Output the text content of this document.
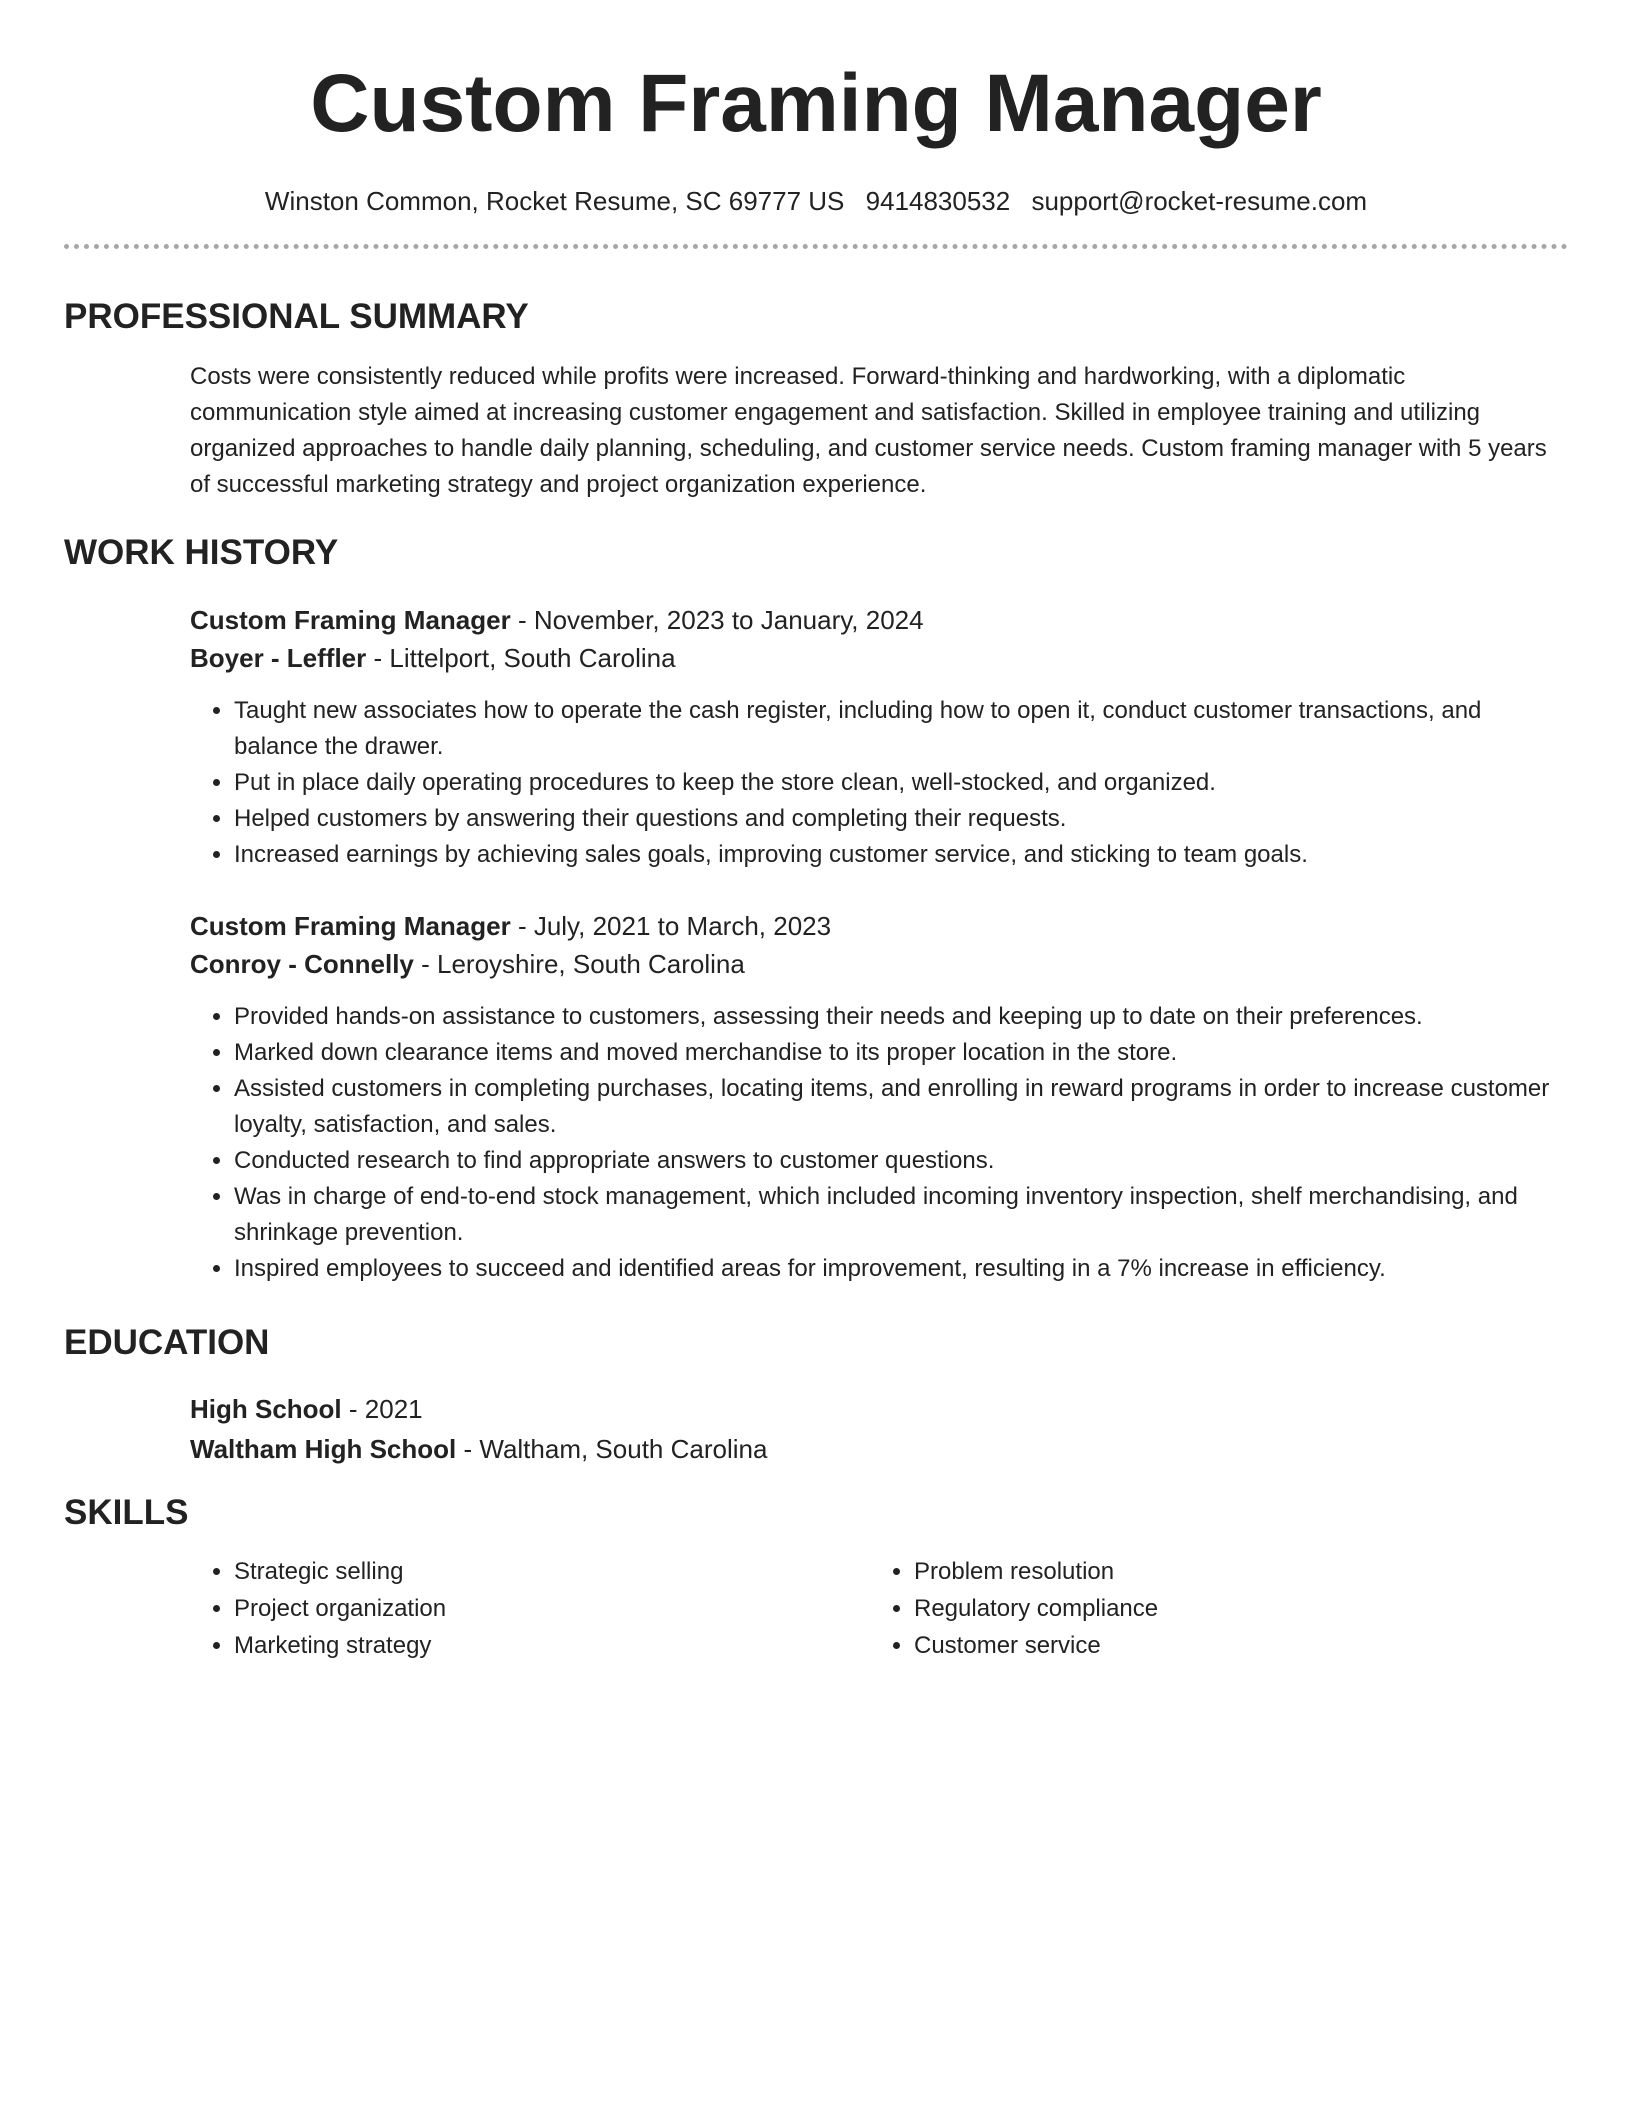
Custom Framing Manager
Winston Common, Rocket Resume, SC 69777 US 9414830532 support@rocket-resume.com
PROFESSIONAL SUMMARY
Costs were consistently reduced while profits were increased. Forward-thinking and hardworking, with a diplomatic communication style aimed at increasing customer engagement and satisfaction. Skilled in employee training and utilizing organized approaches to handle daily planning, scheduling, and customer service needs. Custom framing manager with 5 years of successful marketing strategy and project organization experience.
WORK HISTORY
Custom Framing Manager - November, 2023 to January, 2024
Boyer - Leffler - Littelport, South Carolina
• Taught new associates how to operate the cash register, including how to open it, conduct customer transactions, and balance the drawer.
• Put in place daily operating procedures to keep the store clean, well-stocked, and organized.
• Helped customers by answering their questions and completing their requests.
• Increased earnings by achieving sales goals, improving customer service, and sticking to team goals.
Custom Framing Manager - July, 2021 to March, 2023
Conroy - Connelly - Leroyshire, South Carolina
• Provided hands-on assistance to customers, assessing their needs and keeping up to date on their preferences.
• Marked down clearance items and moved merchandise to its proper location in the store.
• Assisted customers in completing purchases, locating items, and enrolling in reward programs in order to increase customer loyalty, satisfaction, and sales.
• Conducted research to find appropriate answers to customer questions.
• Was in charge of end-to-end stock management, which included incoming inventory inspection, shelf merchandising, and shrinkage prevention.
• Inspired employees to succeed and identified areas for improvement, resulting in a 7% increase in efficiency.
EDUCATION
High School - 2021
Waltham High School - Waltham, South Carolina
SKILLS
• Strategic selling
• Project organization
• Marketing strategy
• Problem resolution
• Regulatory compliance
• Customer service
